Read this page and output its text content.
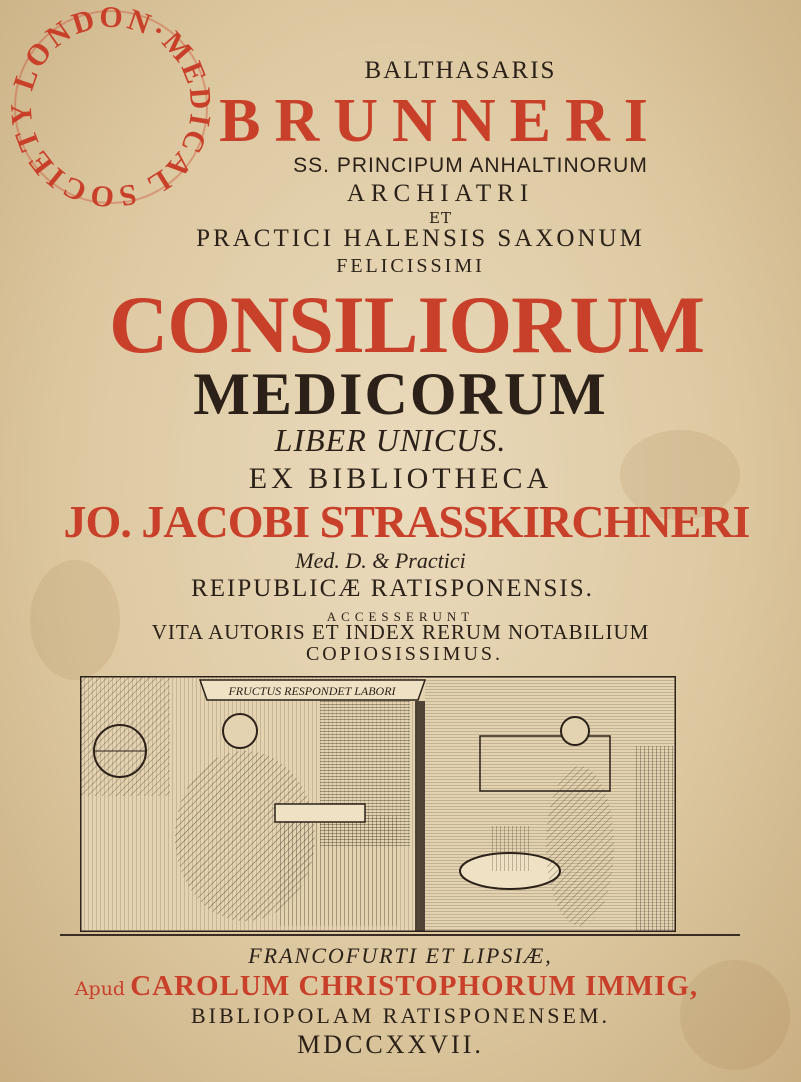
LONDON·MEDICAL SOCIETY
BALTHASARIS
BRUNNERI
SS. PRINCIPUM ANHALTINORUM
ARCHIATRI
ET
PRACTICI HALENSIS SAXONUM
FELICISSIMI
CONSILIORUM
MEDICORUM
LIBER UNICUS.
EX BIBLIOTHECA
JO. JACOBI STRASSKIRCHNERI
Med. D. & Practici
REIPUBLICÆ RATISPONENSIS.
ACCESSERUNT
VITA AUTORIS ET INDEX RERUM NOTABILIUM
COPIOSISSIMUS.
FRUCTUS RESPONDET LABORI
FRANCOFURTI ET LIPSIÆ,
Apud CAROLUM CHRISTOPHORUM IMMIG,
BIBLIOPOLAM RATISPONENSEM.
MDCCXXVII.
